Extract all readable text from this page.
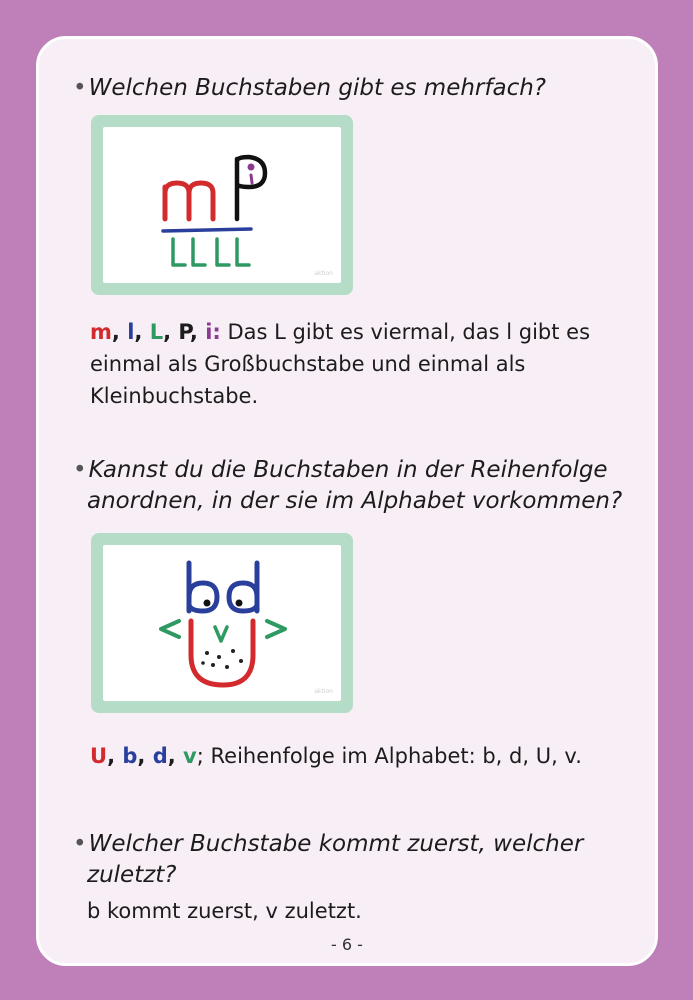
•Welchen Buchstaben gibt es mehrfach?
aktion
m, l, L, P, i: Das L gibt es viermal, das l gibt es einmal als Großbuchstabe und einmal als Kleinbuchstabe.
•Kannst du die Buchstaben in der Reihenfolge
anordnen, in der sie im Alphabet vorkommen?
aktion
U, b, d, v; Reihenfolge im Alphabet: b, d, U, v.
•Welcher Buchstabe kommt zuerst, welcher
zuletzt?
b kommt zuerst, v zuletzt.
- 6 -
